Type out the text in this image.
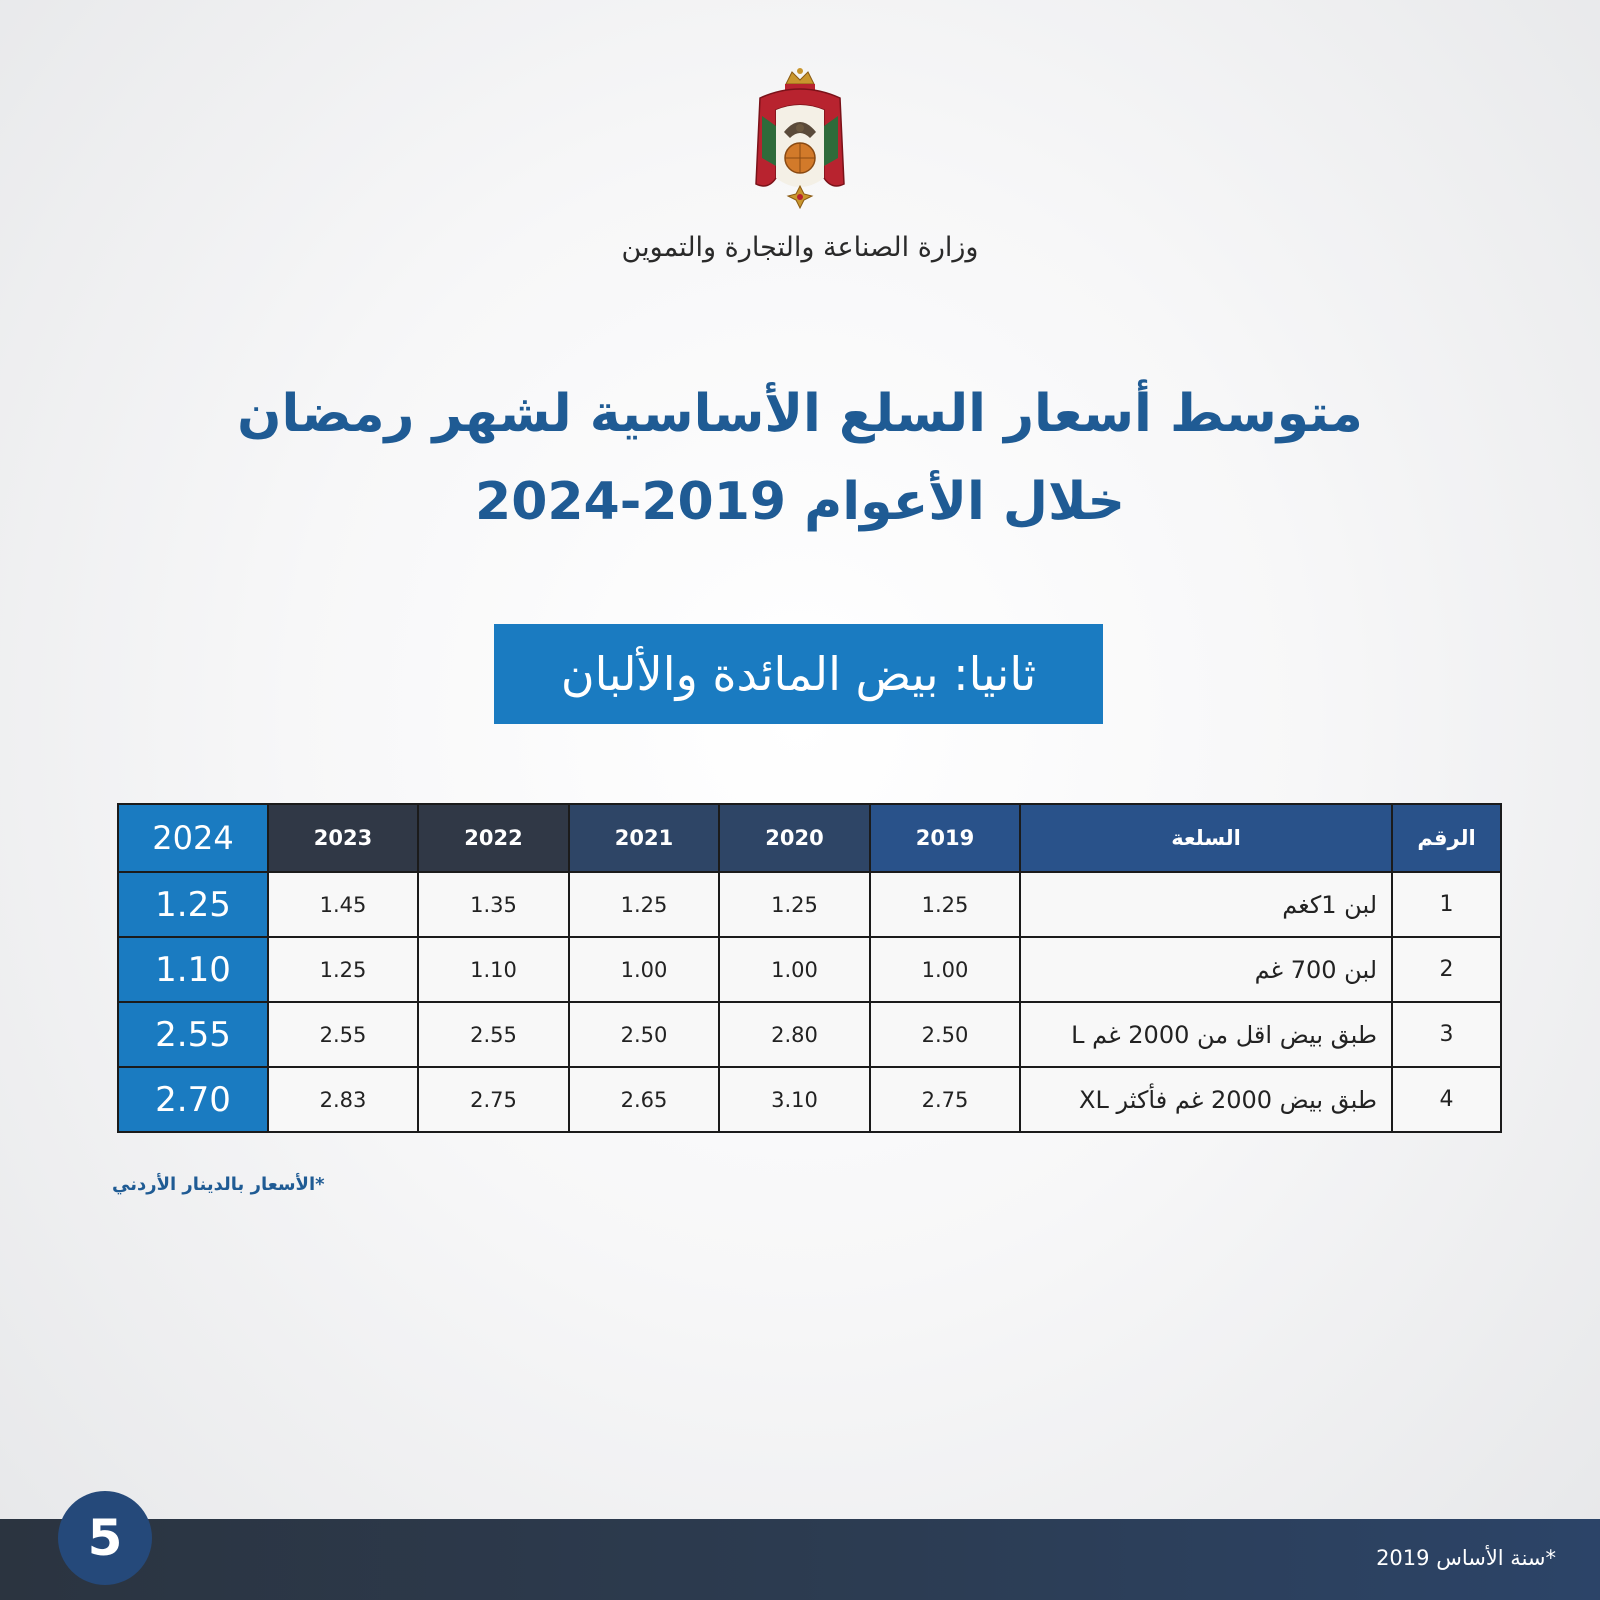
وزارة الصناعة والتجارة والتموين
متوسط أسعار السلع الأساسية لشهر رمضان
خلال الأعوام 2019-2024
ثانيا: بيض المائدة والألبان
2024	2023	2022	2021	2020	2019	السلعة	الرقم
1.25	1.45	1.35	1.25	1.25	1.25	لبن 1كغم	1
1.10	1.25	1.10	1.00	1.00	1.00	لبن 700 غم	2
2.55	2.55	2.55	2.50	2.80	2.50	طبق بيض اقل من 2000 غم L	3
2.70	2.83	2.75	2.65	3.10	2.75	طبق بيض 2000 غم فأكثر XL	4
*الأسعار بالدينار الأردني
5	*سنة الأساس 2019
